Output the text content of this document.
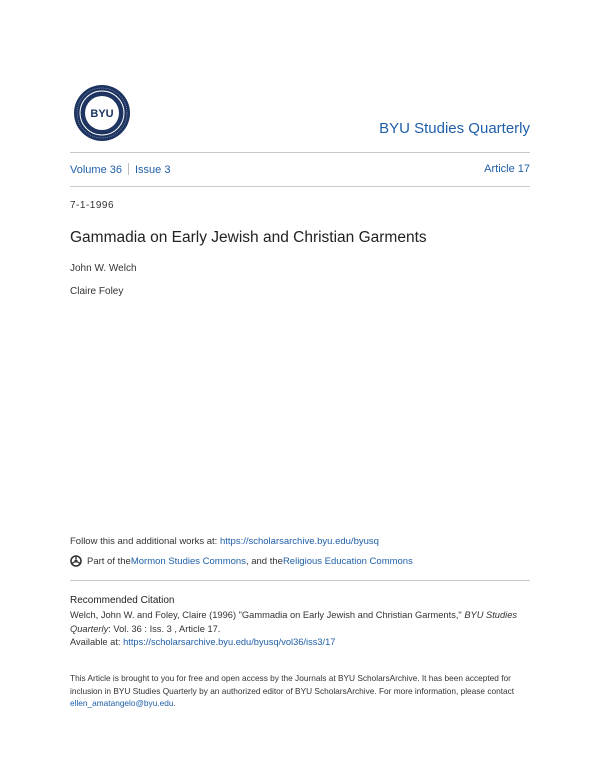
BYU
BYU Studies Quarterly
Volume 36 Issue 3	Article 17
7-1-1996
Gammadia on Early Jewish and Christian Garments
John W. Welch
Claire Foley
Follow this and additional works at: https://scholarsarchive.byu.edu/byusq
Part of the Mormon Studies Commons , and the Religious Education Commons
Recommended Citation
Welch, John W. and Foley, Claire (1996) "Gammadia on Early Jewish and Christian Garments," BYU Studies Quarterly: Vol. 36 : Iss. 3 , Article 17.
Available at: https://scholarsarchive.byu.edu/byusq/vol36/iss3/17
This Article is brought to you for free and open access by the Journals at BYU ScholarsArchive. It has been accepted for inclusion in BYU Studies Quarterly by an authorized editor of BYU ScholarsArchive. For more information, please contact ellen_amatangelo@byu.edu.
